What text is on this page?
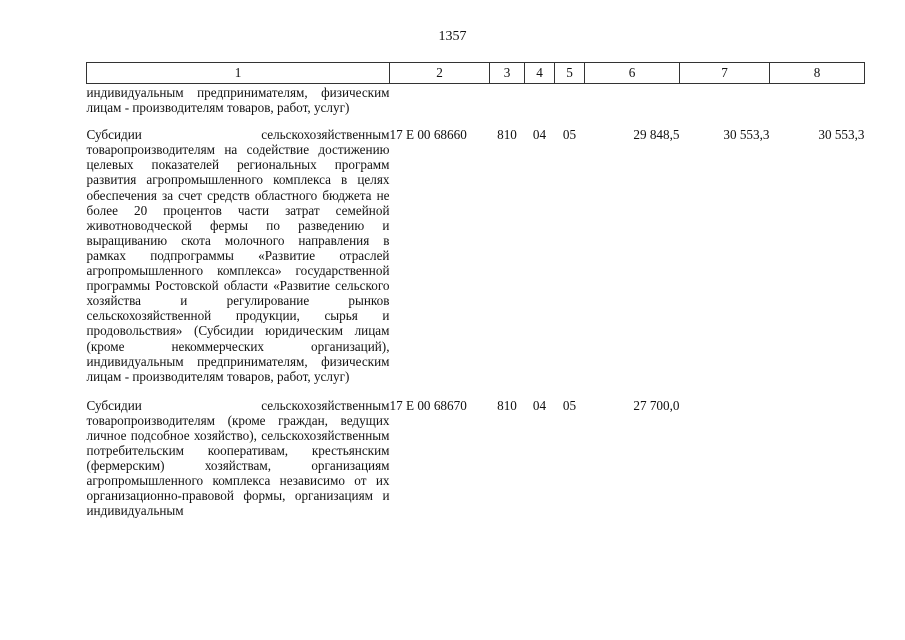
1357
1	2	3	4	5	6	7	8
индивидуальным предпринимателям, физическим лицам - производителям товаров, работ, услуг)							
Субсидии сельскохозяйственным товаропроизводителям на содействие достижению целевых показателей региональных программ развития агропромышленного комплекса в целях обеспечения за счет средств областного бюджета не более 20 процентов части затрат семейной животноводческой фермы по разведению и выращиванию скота молочного направления в рамках подпрограммы «Развитие отраслей агропромышленного комплекса» государственной программы Ростовской области «Развитие сельского хозяйства и регулирование рынков сельскохозяйственной продукции, сырья и продовольствия» (Субсидии юридическим лицам (кроме некоммерческих организаций), индивидуальным предпринимателям, физическим лицам - производителям товаров, работ, услуг)	17 Е 00 68660	810	04	05	29 848,5	30 553,3	30 553,3
Субсидии сельскохозяйственным товаропроизводителям (кроме граждан, ведущих личное подсобное хозяйство), сельскохозяйственным потребительским кооперативам, крестьянским (фермерским) хозяйствам, организациям агропромышленного комплекса независимо от их организационно-правовой формы, организациям и индивидуальным	17 Е 00 68670	810	04	05	27 700,0		
